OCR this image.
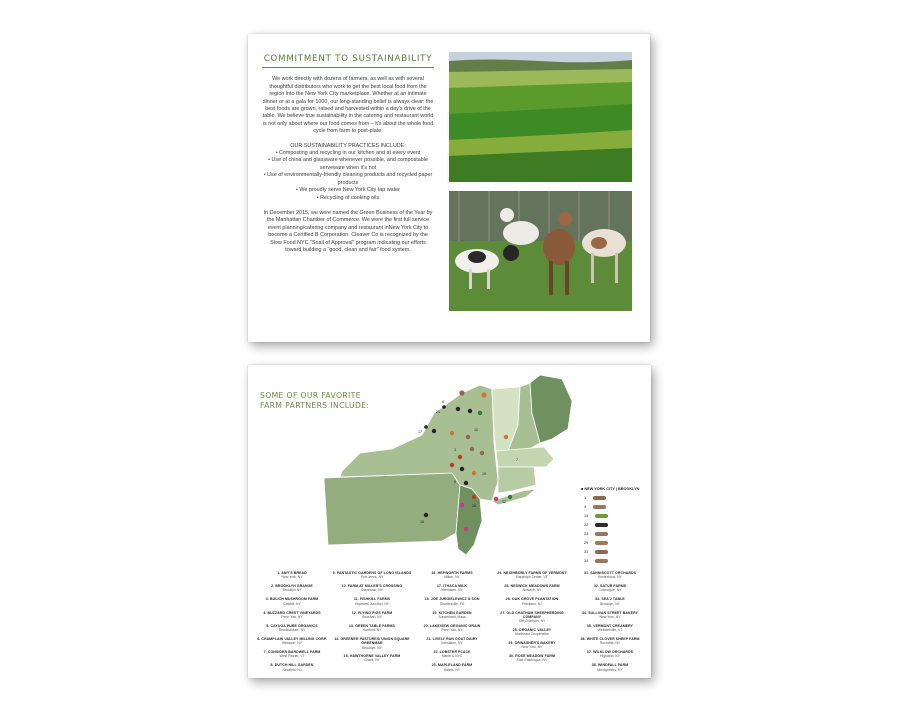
COMMITMENT TO SUSTAINABILITY

We work directly with dozens of farmers, as well as with several thoughtful distributors who work to get the best local food from the region into the New York City marketplace. Whether at an intimate dinner or at a gala for 1000, our long-standing belief is always clear: the best foods are grown, raised and harvested within a day's drive of the table. We believe true sustainability in the catering and restaurant world is not only about where our food comes from – it's about the whole food cycle from farm to post-plate.

OUR SUSTAINABILITY PRACTICES INCLUDE:

• Composting and recycling in our kitchen and at every event
• Use of china and glassware whenever possible, and compostable serveware when it's not
• Use of environmentally-friendly cleaning products and recycled paper products
• We proudly serve New York City tap water
• Recycling of cooking oils

In December 2015, we were named the Green Business of the Year by the Manhattan Chamber of Commerce. We were the first full service event planning/catering company and restaurant inNew York City to become a Certified B Corporation. Cleaver Co is recognized by the Slow Food NYC "Snail of Approval" program indicating our efforts toward building a "good, clean and fair" food system.

SOME OF OUR FAVORITE
FARM PARTNERS INCLUDE:	6
21
17	30
3
19
8
18
26
7
32
■ NEW YORK CITY | BROOKLYN
1
4
14
22
23
29
31
34
1. AMY'S BREAD
New York, NY
2. BROOKLYN GRANGE
Brooklyn NY
3. BULICH MUSHROOM FARM
Catskill, NY
4. BUZZARD CREST VINEYARDS
Penn Yan, NY
5. CAYUGA PURE ORGANICS
Brooktondale, NY
6. CHAMPLAIN VALLEY MILLING CORP.
Westport, NY
7. CONSIDER BARDWELL FARM
West Pawlet, VT
8. DUTCH HILL GARDEN
Newfield, NJ
9. FANTASTIC GARDENS OF LONG ISLANDS
Port Jervis, NY
10. FARM AT MILLER'S CROSSING
Claverack, NY
11. FISHKILL FARMS
Hopewell Junction, NY
12. FLYING PIGS FARM
Shushan, NY
13. GREEN TABLE FARMS
Hartford, NY
14. GREENER PASTURES/ UNION SQUARE GREENMAR
Brooklyn, NY
15. HAWTHORNE VALLEY FARM
Ghent, NY
16. HEPWORTH FARMS
Milton, NY
17. ITHACA MILK
Interlaken, NY
18. JOE JURGIELEWICZ & SON
Shartlesville, PA
19. KITCHEN GARDEN
Sunderland, Mass
20. LAKEVIEW ORGANIC GRAIN
Penn Yan, NY
21. LIVELY RUN GOAT DAIRY
Interlaken, NY
22. LOBSTER PLACE
Maine & NYC
23. MAPLELAND FARM
Salem, NY
24. NEIGHBORLY FARMS OF VERMONT
Randolph Center, VT
25. NESWICK MEADOWS FARM
Norwich, NY
26. OAK GROVE PLANTATION
Pittstown, NJ
27. OLD CHATHAM SHEEPHERDING COMPANY
Old Chatham, NY
28. ORGANIC VALLEY
Northeast Cooperative
29. ORWASHER'S BAKERY
New York, NY
30. ROSE MEADOW FARM
East Patchogue, NY
31. SANNISCOTT ORCHARDS
Kinderhook, NY
32. SATUR FARMS
Cutchogue, NY
33. SEA 2 TABLE
Brooklyn, NY
34. SULLIVAN STREET BAKERY
New York, NY
35. VERMONT CREAMERY
Websterville, VT
36. WHITE CLOVER SHEEP FARM
Rochville, NY
37. WILKLOW ORCHARDS
Highland, NY
38. WINDFALL FARM
Montgomery, NY
